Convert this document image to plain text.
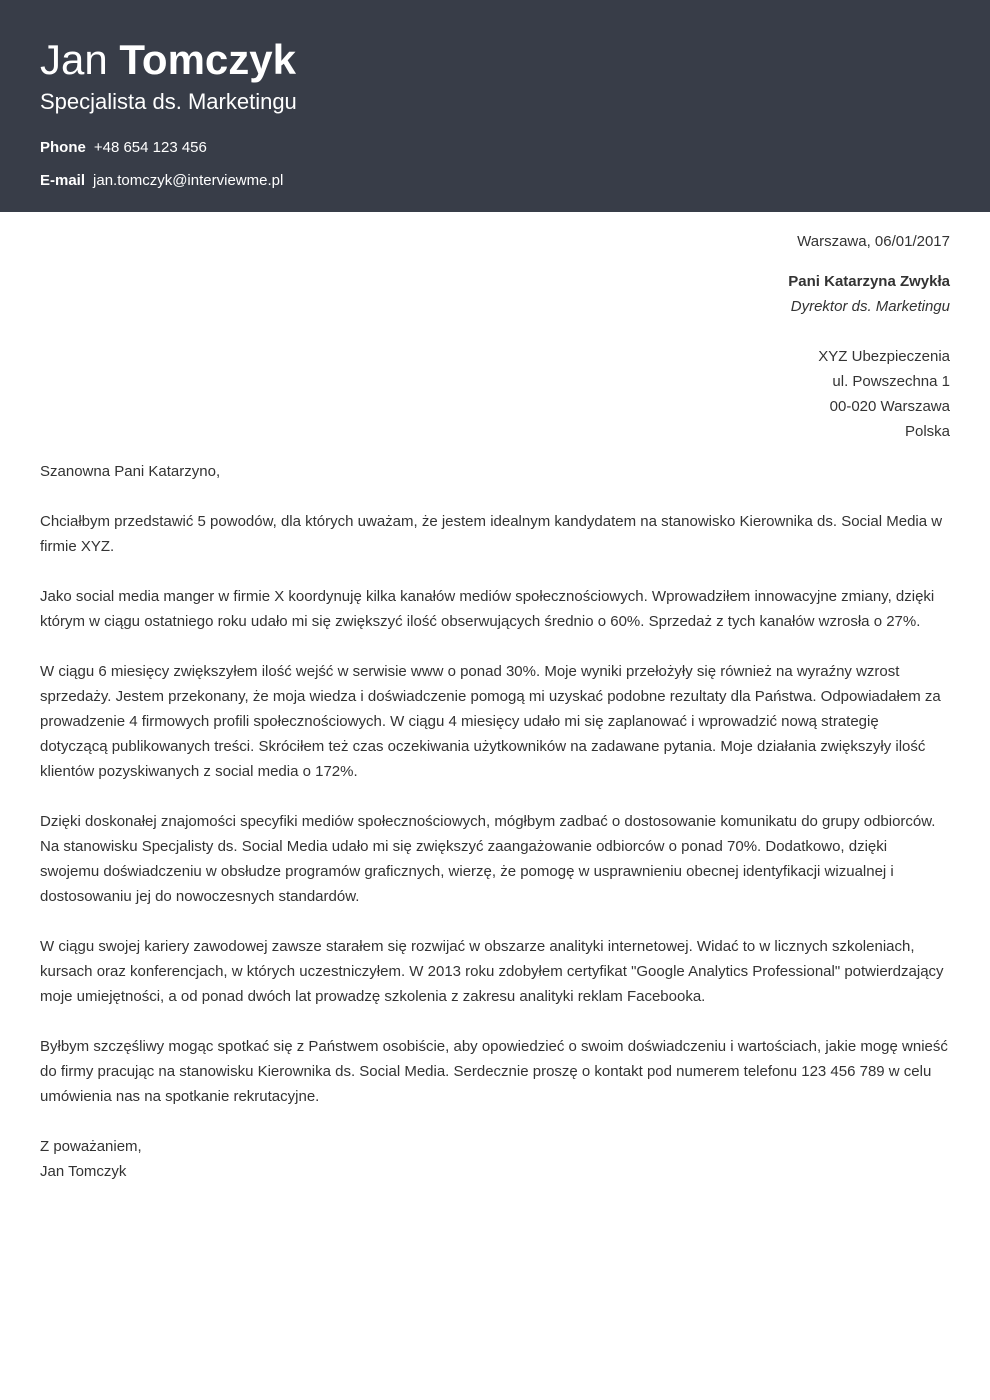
Jan Tomczyk
Specjalista ds. Marketingu
Phone +48 654 123 456
E-mail jan.tomczyk@interviewme.pl
Warszawa, 06/01/2017
Pani Katarzyna Zwykła
Dyrektor ds. Marketingu
XYZ Ubezpieczenia
ul. Powszechna 1
00-020 Warszawa
Polska
Szanowna Pani Katarzyno,
Chciałbym przedstawić 5 powodów, dla których uważam, że jestem idealnym kandydatem na stanowisko Kierownika ds. Social Media w firmie XYZ.
Jako social media manger w firmie X koordynuję kilka kanałów mediów społecznościowych. Wprowadziłem innowacyjne zmiany, dzięki którym w ciągu ostatniego roku udało mi się zwiększyć ilość obserwujących średnio o 60%. Sprzedaż z tych kanałów wzrosła o 27%.
W ciągu 6 miesięcy zwiększyłem ilość wejść w serwisie www o ponad 30%. Moje wyniki przełożyły się również na wyraźny wzrost sprzedaży. Jestem przekonany, że moja wiedza i doświadczenie pomogą mi uzyskać podobne rezultaty dla Państwa. Odpowiadałem za prowadzenie 4 firmowych profili społecznościowych. W ciągu 4 miesięcy udało mi się zaplanować i wprowadzić nową strategię dotyczącą publikowanych treści. Skróciłem też czas oczekiwania użytkowników na zadawane pytania. Moje działania zwiększyły ilość klientów pozyskiwanych z social media o 172%.
Dzięki doskonałej znajomości specyfiki mediów społecznościowych, mógłbym zadbać o dostosowanie komunikatu do grupy odbiorców. Na stanowisku Specjalisty ds. Social Media udało mi się zwiększyć zaangażowanie odbiorców o ponad 70%. Dodatkowo, dzięki swojemu doświadczeniu w obsłudze programów graficznych, wierzę, że pomogę w usprawnieniu obecnej identyfikacji wizualnej i dostosowaniu jej do nowoczesnych standardów.
W ciągu swojej kariery zawodowej zawsze starałem się rozwijać w obszarze analityki internetowej. Widać to w licznych szkoleniach, kursach oraz konferencjach, w których uczestniczyłem. W 2013 roku zdobyłem certyfikat "Google Analytics Professional" potwierdzający moje umiejętności, a od ponad dwóch lat prowadzę szkolenia z zakresu analityki reklam Facebooka.
Byłbym szczęśliwy mogąc spotkać się z Państwem osobiście, aby opowiedzieć o swoim doświadczeniu i wartościach, jakie mogę wnieść do firmy pracując na stanowisku Kierownika ds. Social Media. Serdecznie proszę o kontakt pod numerem telefonu 123 456 789 w celu umówienia nas na spotkanie rekrutacyjne.
Z poważaniem,
Jan Tomczyk
